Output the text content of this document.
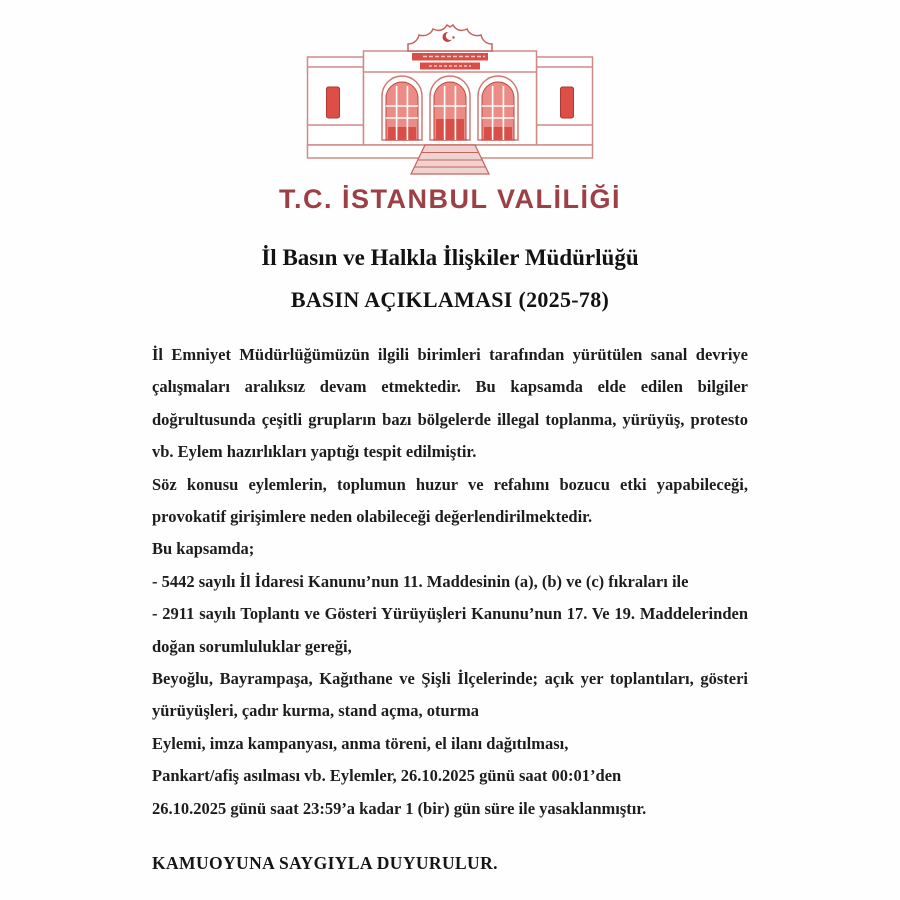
T.C. İSTANBUL VALİLİĞİ
İl Basın ve Halkla İlişkiler Müdürlüğü
BASIN AÇIKLAMASI (2025-78)
İl Emniyet Müdürlüğümüzün ilgili birimleri tarafından yürütülen sanal devriye
çalışmaları aralıksız devam etmektedir. Bu kapsamda elde edilen bilgiler
doğrultusunda çeşitli grupların bazı bölgelerde illegal toplanma, yürüyüş, protesto
vb. Eylem hazırlıkları yaptığı tespit edilmiştir.
Söz konusu eylemlerin, toplumun huzur ve refahını bozucu etki yapabileceği,
provokatif girişimlere neden olabileceği değerlendirilmektedir.
Bu kapsamda;
- 5442 sayılı İl İdaresi Kanunu’nun 11. Maddesinin (a), (b) ve (c) fıkraları ile
- 2911 sayılı Toplantı ve Gösteri Yürüyüşleri Kanunu’nun 17. Ve 19. Maddelerinden
doğan sorumluluklar gereği,
Beyoğlu, Bayrampaşa, Kağıthane ve Şişli İlçelerinde; açık yer toplantıları, gösteri
yürüyüşleri, çadır kurma, stand açma, oturma
Eylemi, imza kampanyası, anma töreni, el ilanı dağıtılması,
Pankart/afiş asılması vb. Eylemler, 26.10.2025 günü saat 00:01’den
26.10.2025 günü saat 23:59’a kadar 1 (bir) gün süre ile yasaklanmıştır.
KAMUOYUNA SAYGIYLA DUYURULUR.
